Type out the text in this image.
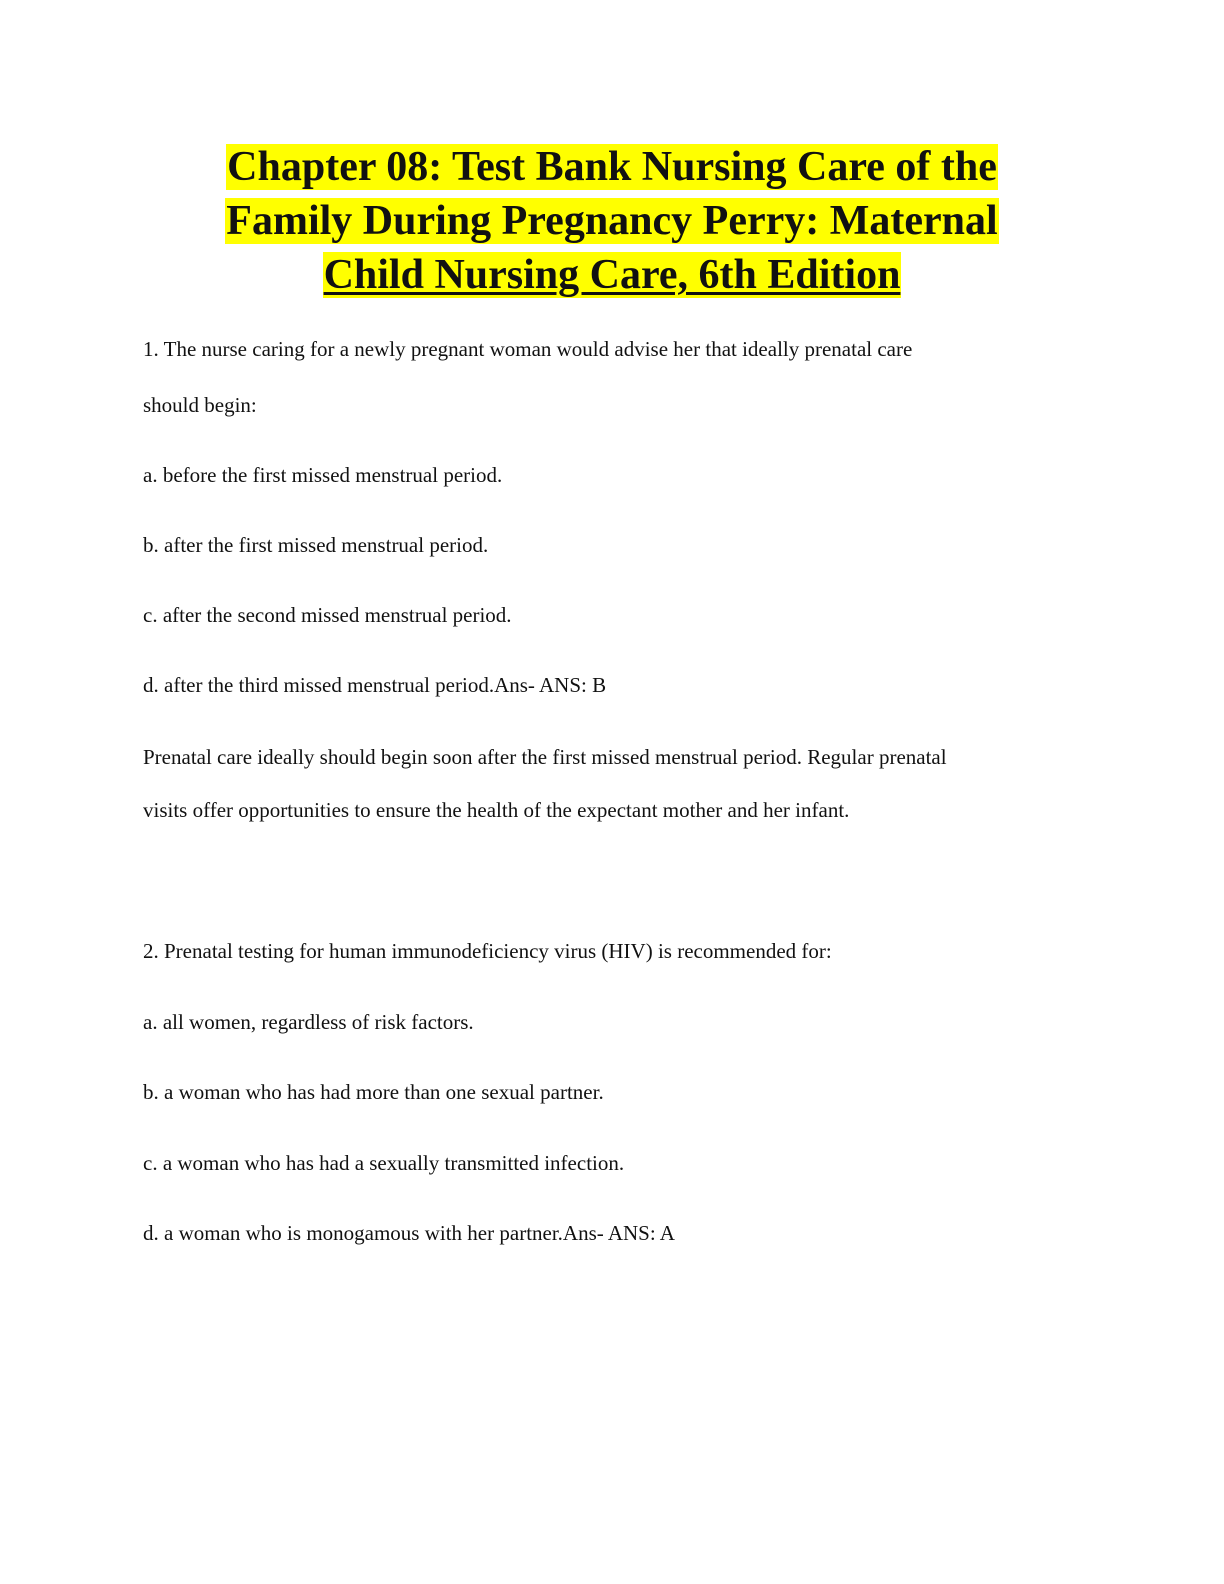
Chapter 08: Test Bank Nursing Care of the
Family During Pregnancy Perry: Maternal
Child Nursing Care, 6th Edition
1. The nurse caring for a newly pregnant woman would advise her that ideally prenatal care
should begin:
a. before the first missed menstrual period.
b. after the first missed menstrual period.
c. after the second missed menstrual period.
d. after the third missed menstrual period.Ans- ANS: B
Prenatal care ideally should begin soon after the first missed menstrual period. Regular prenatal
visits offer opportunities to ensure the health of the expectant mother and her infant.
2. Prenatal testing for human immunodeficiency virus (HIV) is recommended for:
a. all women, regardless of risk factors.
b. a woman who has had more than one sexual partner.
c. a woman who has had a sexually transmitted infection.
d. a woman who is monogamous with her partner.Ans- ANS: A
